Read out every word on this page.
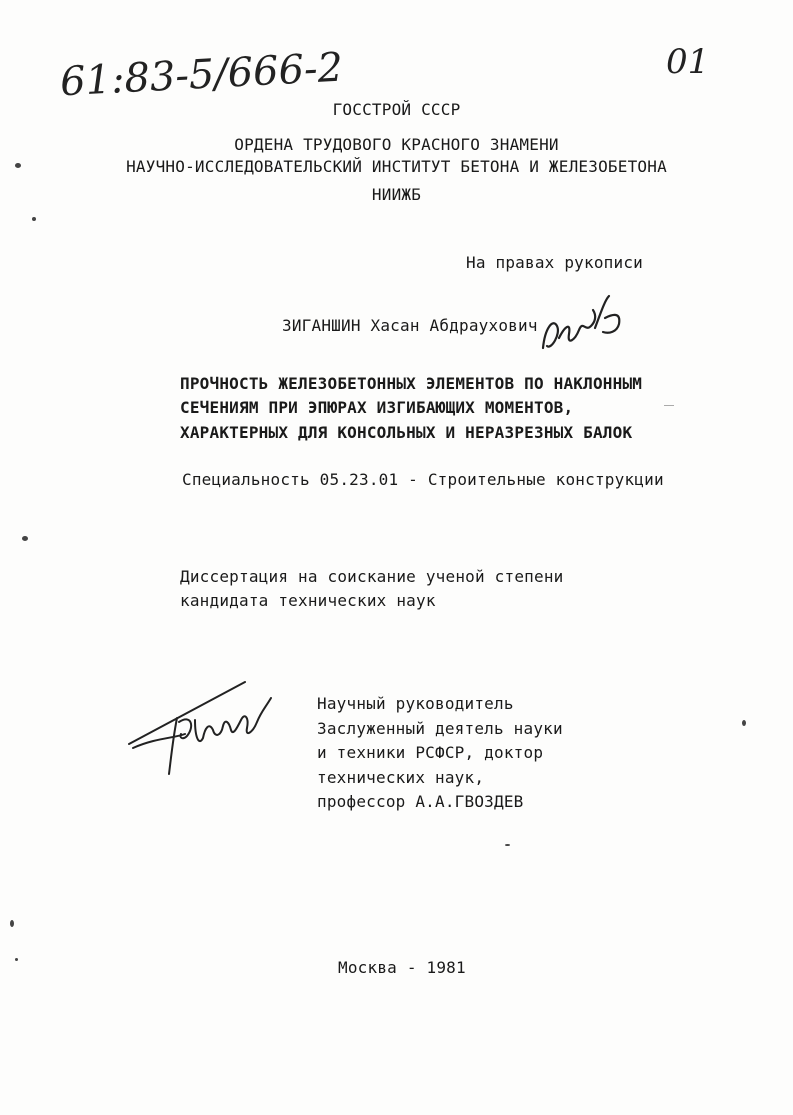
61:83-5/666-2	01
ГОССТРОЙ СССР
ОРДЕНА ТРУДОВОГО КРАСНОГО ЗНАМЕНИ
НАУЧНО-ИССЛЕДОВАТЕЛЬСКИЙ ИНСТИТУТ БЕТОНА И ЖЕЛЕЗОБЕТОНА
НИИЖБ
На правах рукописи
ЗИГАНШИН Хасан Абдраухович
ПРОЧНОСТЬ ЖЕЛЕЗОБЕТОННЫХ ЭЛЕМЕНТОВ ПО НАКЛОННЫМ
СЕЧЕНИЯМ ПРИ ЭПЮРАХ ИЗГИБАЮЩИХ МОМЕНТОВ,
ХАРАКТЕРНЫХ ДЛЯ КОНСОЛЬНЫХ И НЕРАЗРЕЗНЫХ БАЛОК
Специальность 05.23.01 - Строительные конструкции
Диссертация на соискание ученой степени
кандидата технических наук
Научный руководитель
Заслуженный деятель науки
и техники РСФСР, доктор
технических наук,
профессор А.А.ГВОЗДЕВ
Москва - 1981
